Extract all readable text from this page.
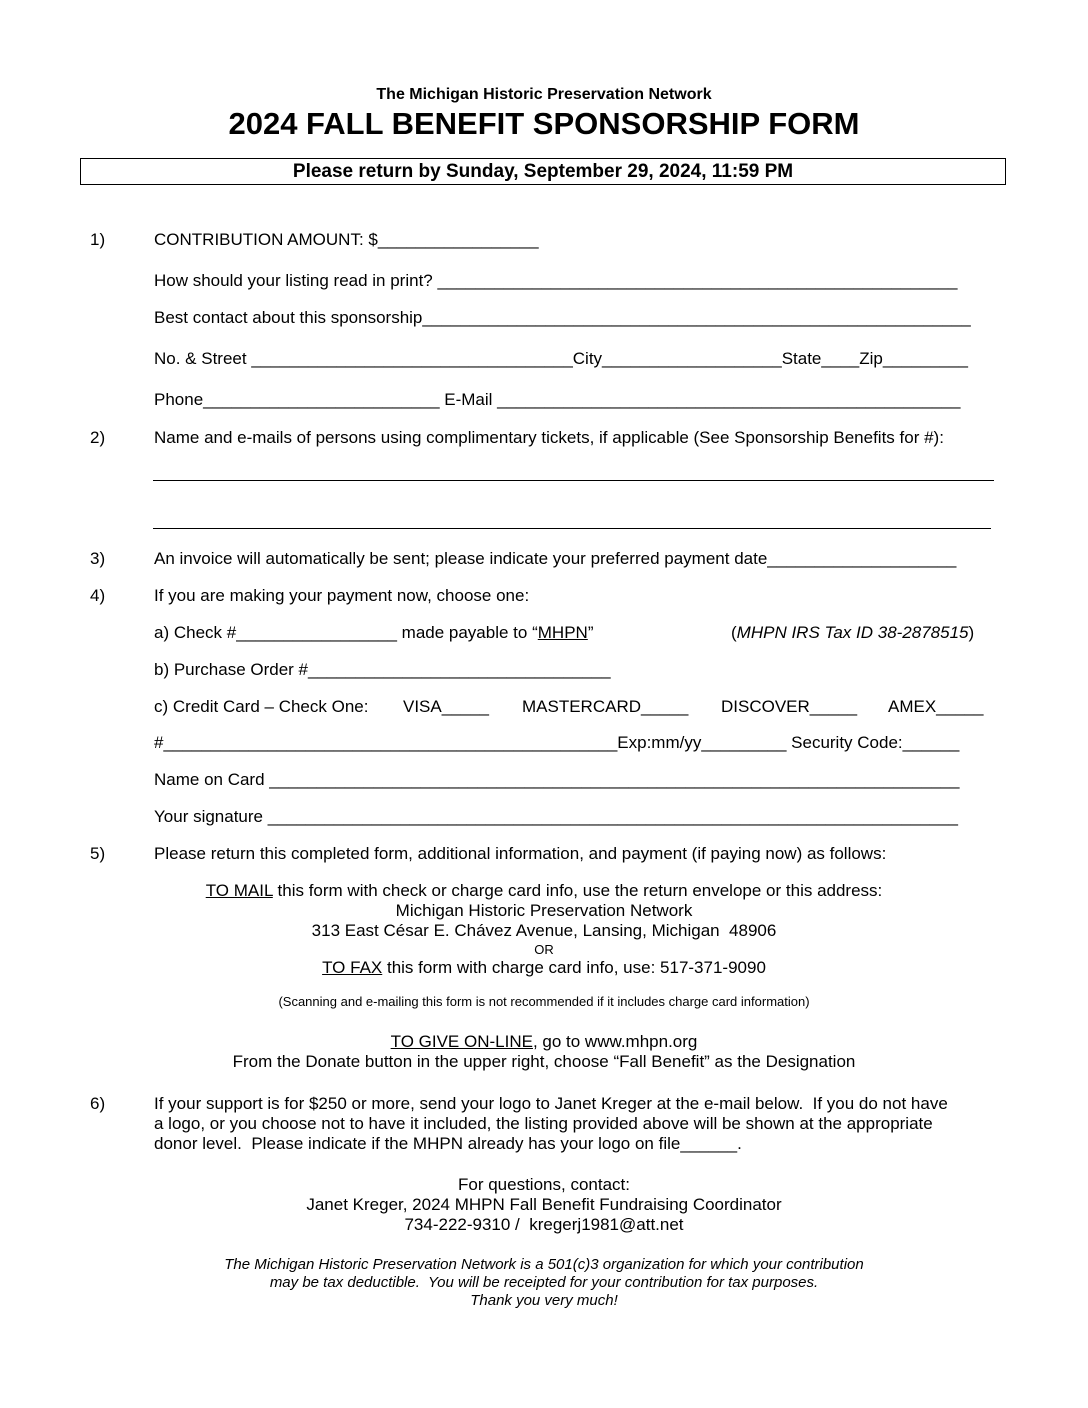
The Michigan Historic Preservation Network
2024 FALL BENEFIT SPONSORSHIP FORM
Please return by Sunday, September 29, 2024, 11:59 PM
1)	CONTRIBUTION AMOUNT: $_________________
How should your listing read in print? _______________________________________________________
Best contact about this sponsorship__________________________________________________________
No. & Street __________________________________City___________________State____Zip_________
Phone_________________________ E-Mail _________________________________________________
2)	Name and e-mails of persons using complimentary tickets, if applicable (See Sponsorship Benefits for #):
3)	An invoice will automatically be sent; please indicate your preferred payment date____________________
4)	If you are making your payment now, choose one:
a) Check #_________________ made payable to “MHPN”	(MHPN IRS Tax ID 38-2878515)
b) Purchase Order #________________________________
c) Credit Card – Check One: VISA_____ MASTERCARD_____ DISCOVER_____ AMEX_____
#________________________________________________Exp:mm/yy_________ Security Code:______
Name on Card _________________________________________________________________________
Your signature _________________________________________________________________________
5)	Please return this completed form, additional information, and payment (if paying now) as follows:
TO MAIL this form with check or charge card info, use the return envelope or this address:
Michigan Historic Preservation Network
313 East César E. Chávez Avenue, Lansing, Michigan  48906
OR
TO FAX this form with charge card info, use: 517-371-9090
(Scanning and e-mailing this form is not recommended if it includes charge card information)
TO GIVE ON-LINE, go to www.mhpn.org
From the Donate button in the upper right, choose “Fall Benefit” as the Designation
6)	If your support is for $250 or more, send your logo to Janet Kreger at the e-mail below.  If you do not have
a logo, or you choose not to have it included, the listing provided above will be shown at the appropriate
donor level.  Please indicate if the MHPN already has your logo on file______.
For questions, contact:
Janet Kreger, 2024 MHPN Fall Benefit Fundraising Coordinator
734-222-9310 /  kregerj1981@att.net
The Michigan Historic Preservation Network is a 501(c)3 organization for which your contribution
may be tax deductible.  You will be receipted for your contribution for tax purposes.
Thank you very much!
